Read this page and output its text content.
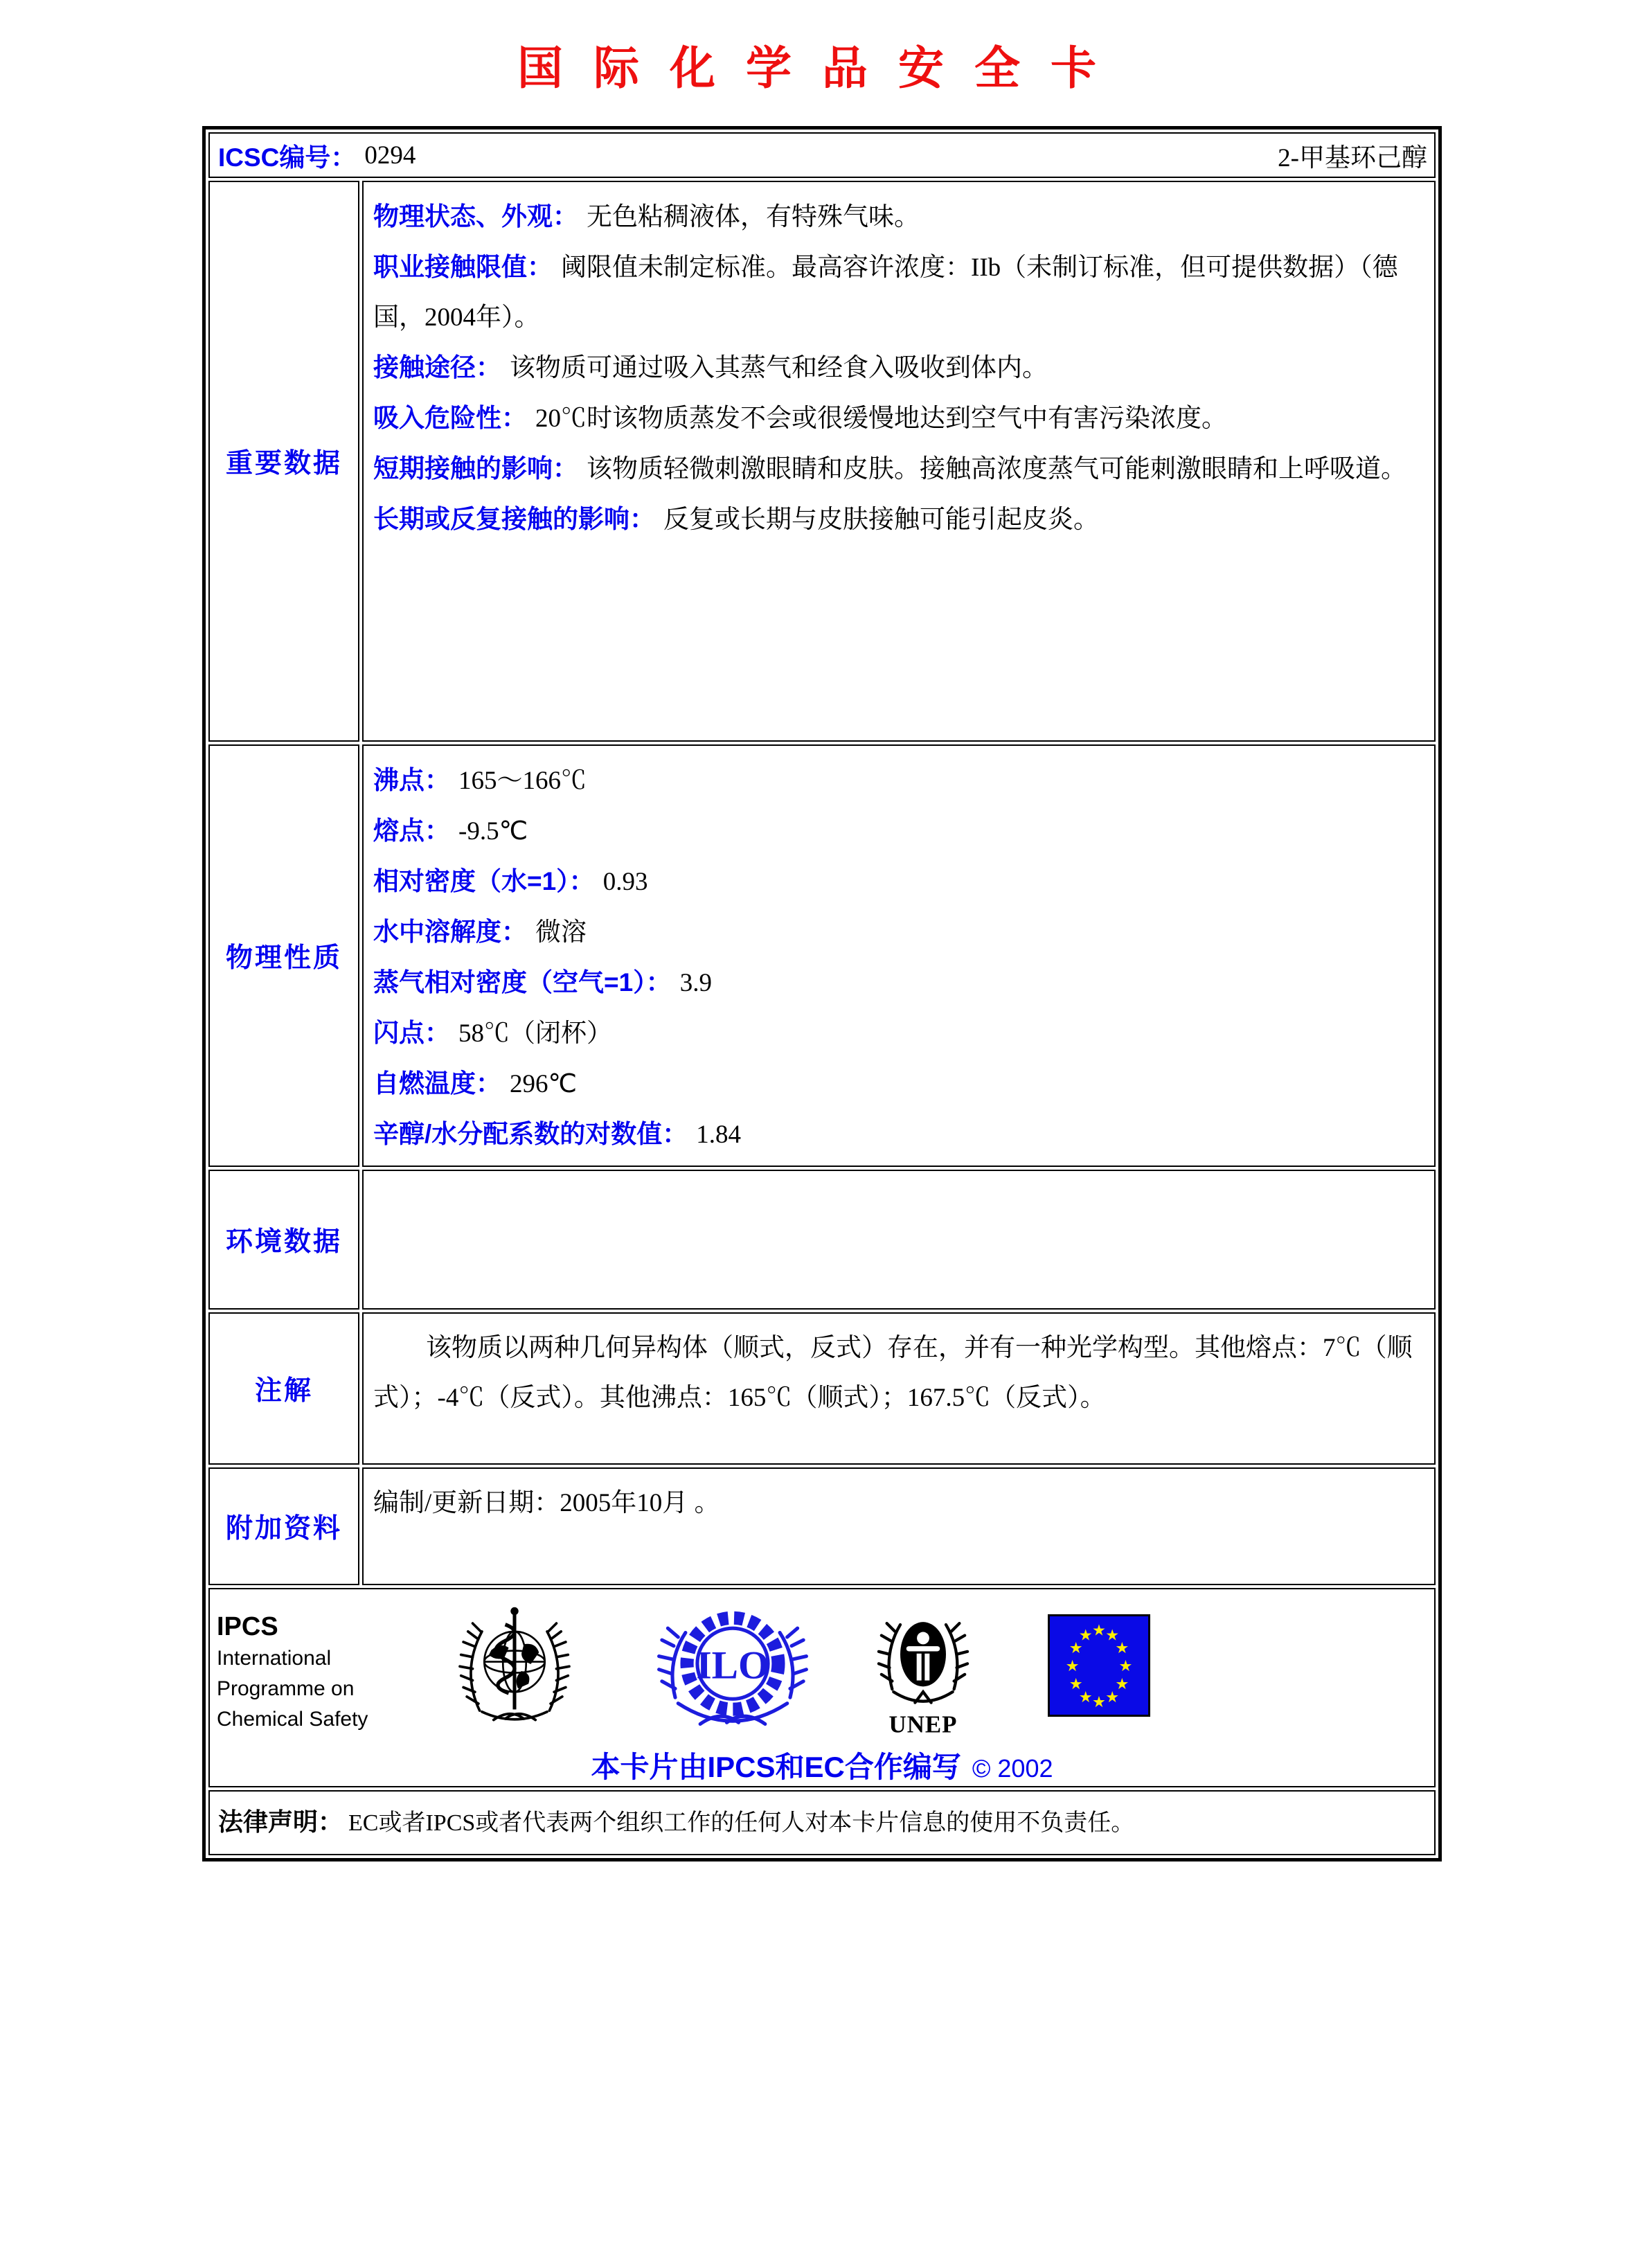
国际化学品安全卡
ICSC编号： 0294	2-甲基环己醇
重要数据
物理状态、外观： 无色粘稠液体，有特殊气味。
职业接触限值： 阈限值未制定标准。最高容许浓度：IIb（未制订标准，但可提供数据）（德国，2004年）。
接触途径： 该物质可通过吸入其蒸气和经食入吸收到体内。
吸入危险性： 20℃时该物质蒸发不会或很缓慢地达到空气中有害污染浓度。
短期接触的影响： 该物质轻微刺激眼睛和皮肤。接触高浓度蒸气可能刺激眼睛和上呼吸道。
长期或反复接触的影响： 反复或长期与皮肤接触可能引起皮炎。
物理性质
沸点： 165～166℃
熔点： -9.5℃
相对密度（水=1）： 0.93
水中溶解度： 微溶
蒸气相对密度（空气=1）： 3.9
闪点： 58℃（闭杯）
自燃温度： 296℃
辛醇/水分配系数的对数值： 1.84
环境数据
注解

该物质以两种几何异构体（顺式，反式）存在，并有一种光学构型。其他熔点：7℃（顺式）；-4℃（反式）。其他沸点：165℃（顺式）；167.5℃（反式）。

附加资料

编制/更新日期：2005年10月 。

IPCS
International
Programme on
Chemical Safety
ILO
UNEP
★ ★
★
★
★
★
★
★
★
★
★
★
本卡片由IPCS和EC合作编写 © 2002
法律声明： EC或者IPCS或者代表两个组织工作的任何人对本卡片信息的使用不负责任。
